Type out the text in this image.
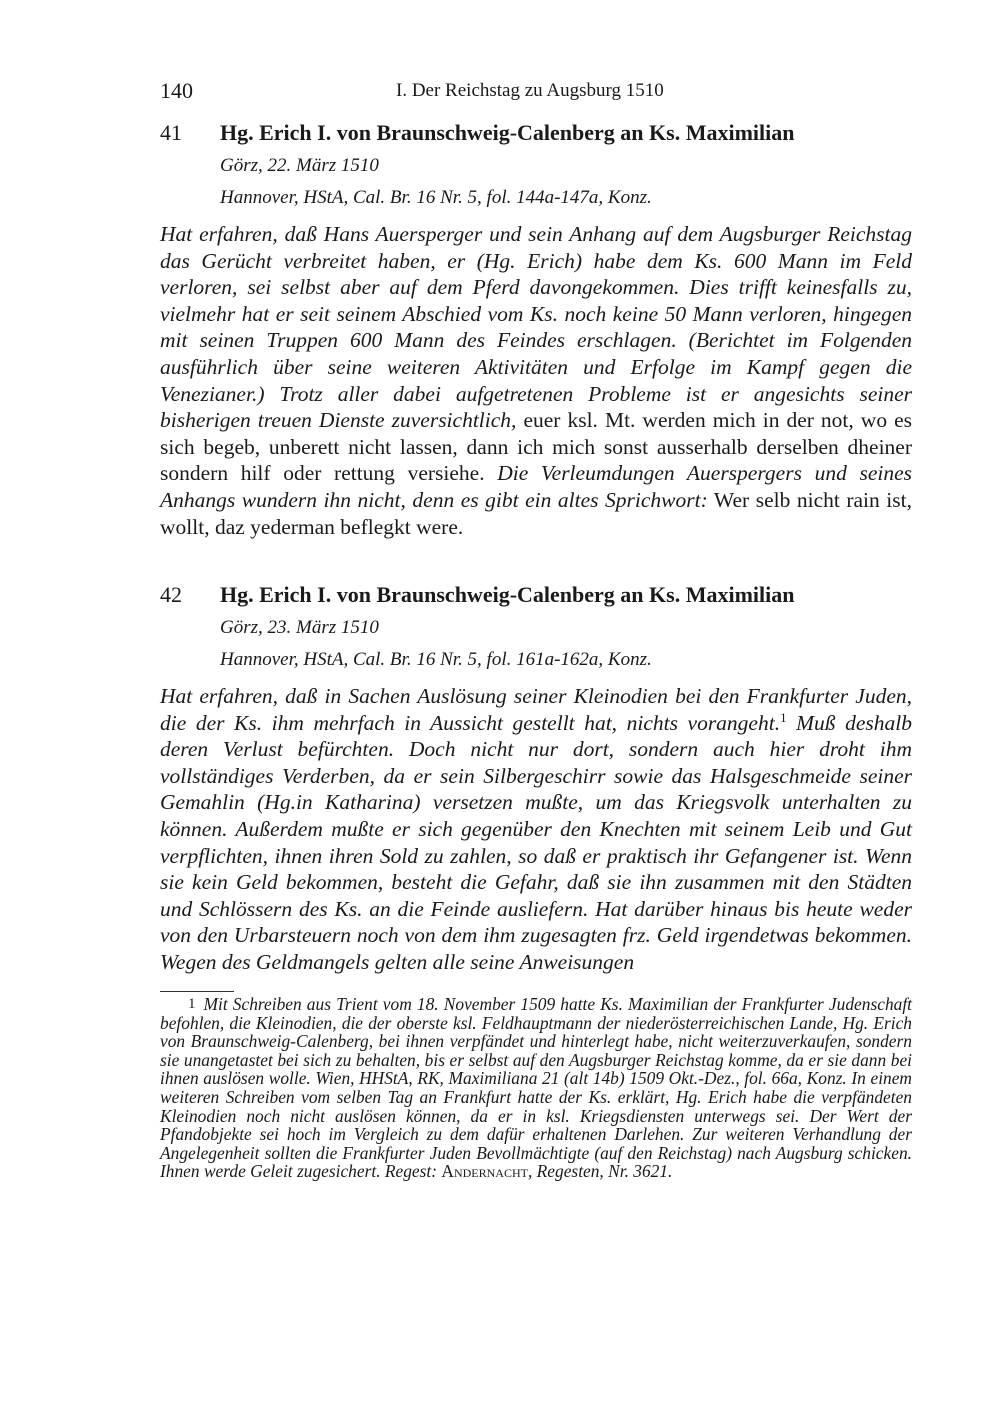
140	I. Der Reichstag zu Augsburg 1510
41 Hg. Erich I. von Braunschweig-Calenberg an Ks. Maximilian
Görz, 22. März 1510
Hannover, HStA, Cal. Br. 16 Nr. 5, fol. 144a-147a, Konz.

Hat erfahren, daß Hans Auersperger und sein Anhang auf dem Augsburger Reichstag das Gerücht verbreitet haben, er (Hg. Erich) habe dem Ks. 600 Mann im Feld verloren, sei selbst aber auf dem Pferd davongekommen. Dies trifft keinesfalls zu, vielmehr hat er seit seinem Abschied vom Ks. noch keine 50 Mann verloren, hingegen mit seinen Truppen 600 Mann des Feindes erschlagen. (Berichtet im Folgenden ausführlich über seine weiteren Aktivitäten und Erfolge im Kampf gegen die Venezianer.) Trotz aller dabei aufgetretenen Probleme ist er angesichts seiner bisherigen treuen Dienste zuversichtlich, euer ksl. Mt. werden mich in der not, wo es sich begeb, unberett nicht lassen, dann ich mich sonst ausserhalb derselben dheiner sondern hilf oder rettung versiehe. Die Verleumdungen Auerspergers und seines Anhangs wundern ihn nicht, denn es gibt ein altes Sprichwort: Wer selb nicht rain ist, wollt, daz yederman beflegkt were.

42 Hg. Erich I. von Braunschweig-Calenberg an Ks. Maximilian
Görz, 23. März 1510
Hannover, HStA, Cal. Br. 16 Nr. 5, fol. 161a-162a, Konz.

Hat erfahren, daß in Sachen Auslösung seiner Kleinodien bei den Frankfurter Juden, die der Ks. ihm mehrfach in Aussicht gestellt hat, nichts vorangeht.$^1$ Muß deshalb deren Verlust befürchten. Doch nicht nur dort, sondern auch hier droht ihm vollständiges Verderben, da er sein Silbergeschirr sowie das Halsgeschmeide seiner Gemahlin (Hg.in Katharina) versetzen mußte, um das Kriegsvolk unterhalten zu können. Außerdem mußte er sich gegenüber den Knechten mit seinem Leib und Gut verpflichten, ihnen ihren Sold zu zahlen, so daß er praktisch ihr Gefangener ist. Wenn sie kein Geld bekommen, besteht die Gefahr, daß sie ihn zusammen mit den Städten und Schlössern des Ks. an die Feinde ausliefern. Hat darüber hinaus bis heute weder von den Urbarsteuern noch von dem ihm zugesagten frz. Geld irgendetwas bekommen. Wegen des Geldmangels gelten alle seine Anweisungen

1 Mit Schreiben aus Trient vom 18. November 1509 hatte Ks. Maximilian der Frankfurter Judenschaft befohlen, die Kleinodien, die der oberste ksl. Feldhauptmann der niederösterreichischen Lande, Hg. Erich von Braunschweig-Calenberg, bei ihnen verpfändet und hinterlegt habe, nicht weiterzuverkaufen, sondern sie unangetastet bei sich zu behalten, bis er selbst auf den Augsburger Reichstag komme, da er sie dann bei ihnen auslösen wolle. Wien, HHStA, RK, Maximiliana 21 (alt 14b) 1509 Okt.-Dez., fol. 66a, Konz. In einem weiteren Schreiben vom selben Tag an Frankfurt hatte der Ks. erklärt, Hg. Erich habe die verpfändeten Kleinodien noch nicht auslösen können, da er in ksl. Kriegsdiensten unterwegs sei. Der Wert der Pfandobjekte sei hoch im Vergleich zu dem dafür erhaltenen Darlehen. Zur weiteren Verhandlung der Angelegenheit sollten die Frankfurter Juden Bevollmächtigte (auf den Reichstag) nach Augsburg schicken. Ihnen werde Geleit zugesichert. Regest: Andernacht, Regesten, Nr. 3621.
